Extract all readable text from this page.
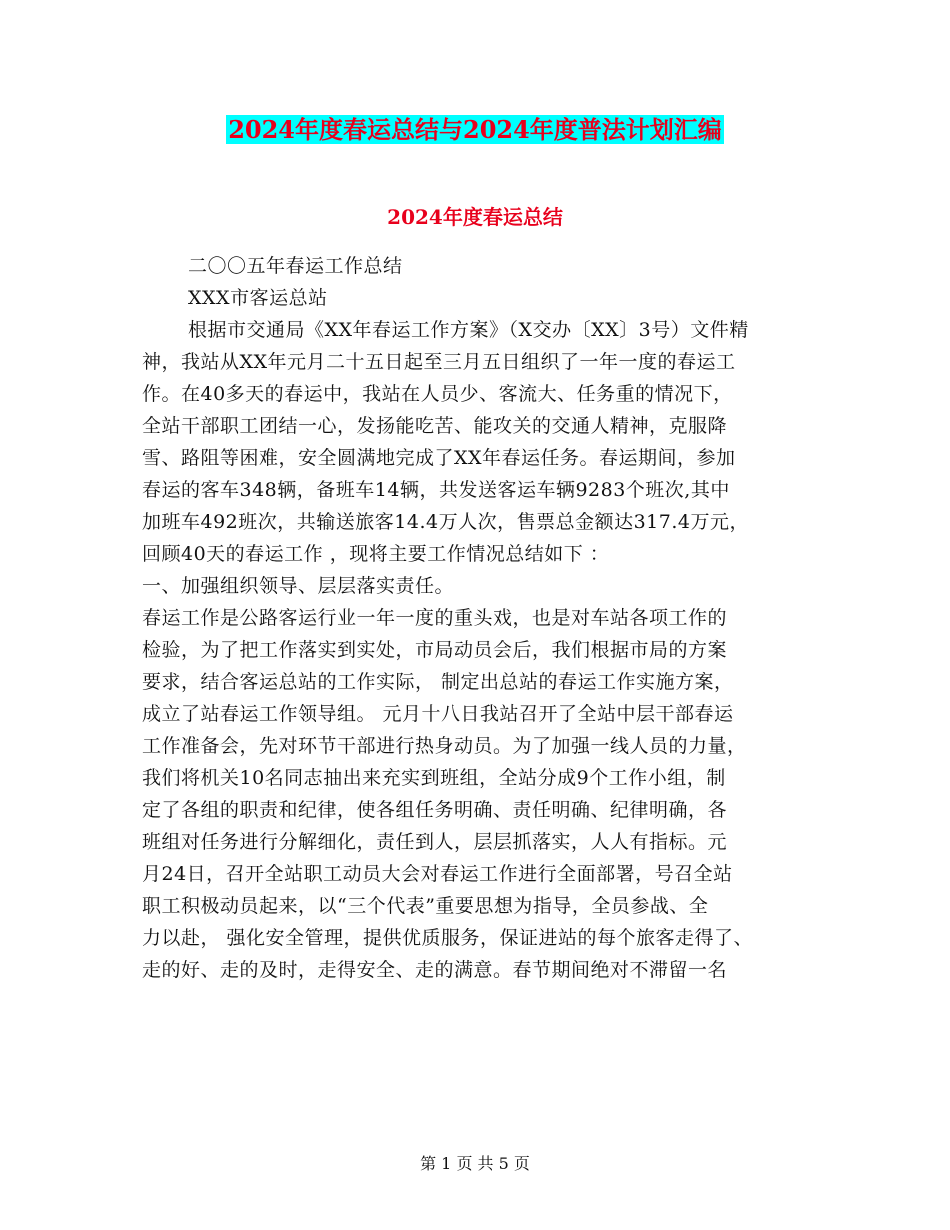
2024年度春运总结与2024年度普法计划汇编
2024年度春运总结
二〇〇五年春运工作总结
XXX市客运总站
根据市交通局《XX年春运工作方案》（X交办〔XX〕3号）文件精
神，我站从XX年元月二十五日起至三月五日组织了一年一度的春运工
作。在40多天的春运中，我站在人员少、客流大、任务重的情况下，
全站干部职工团结一心，发扬能吃苦、能攻关的交通人精神，克服降
雪、路阻等困难，安全圆满地完成了XX年春运任务。春运期间，参加
春运的客车348辆，备班车14辆，共发送客运车辆9283个班次,其中
加班车492班次，共输送旅客14.4万人次，售票总金额达317.4万元，
回顾40天的春运工作 ，现将主要工作情况总结如下 ：
一、加强组织领导、层层落实责任。
春运工作是公路客运行业一年一度的重头戏，也是对车站各项工作的
检验，为了把工作落实到实处，市局动员会后，我们根据市局的方案
要求，结合客运总站的工作实际， 制定出总站的春运工作实施方案，
成立了站春运工作领导组。 元月十八日我站召开了全站中层干部春运
工作准备会，先对环节干部进行热身动员。为了加强一线人员的力量，
我们将机关10名同志抽出来充实到班组，全站分成9个工作小组，制
定了各组的职责和纪律，使各组任务明确、责任明确、纪律明确，各
班组对任务进行分解细化，责任到人，层层抓落实，人人有指标。元
月24日，召开全站职工动员大会对春运工作进行全面部署，号召全站
职工积极动员起来，以“三个代表”重要思想为指导，全员参战、全
力以赴， 强化安全管理，提供优质服务，保证进站的每个旅客走得了、
走的好、走的及时，走得安全、走的满意。春节期间绝对不滞留一名
第 1 页 共 5 页
